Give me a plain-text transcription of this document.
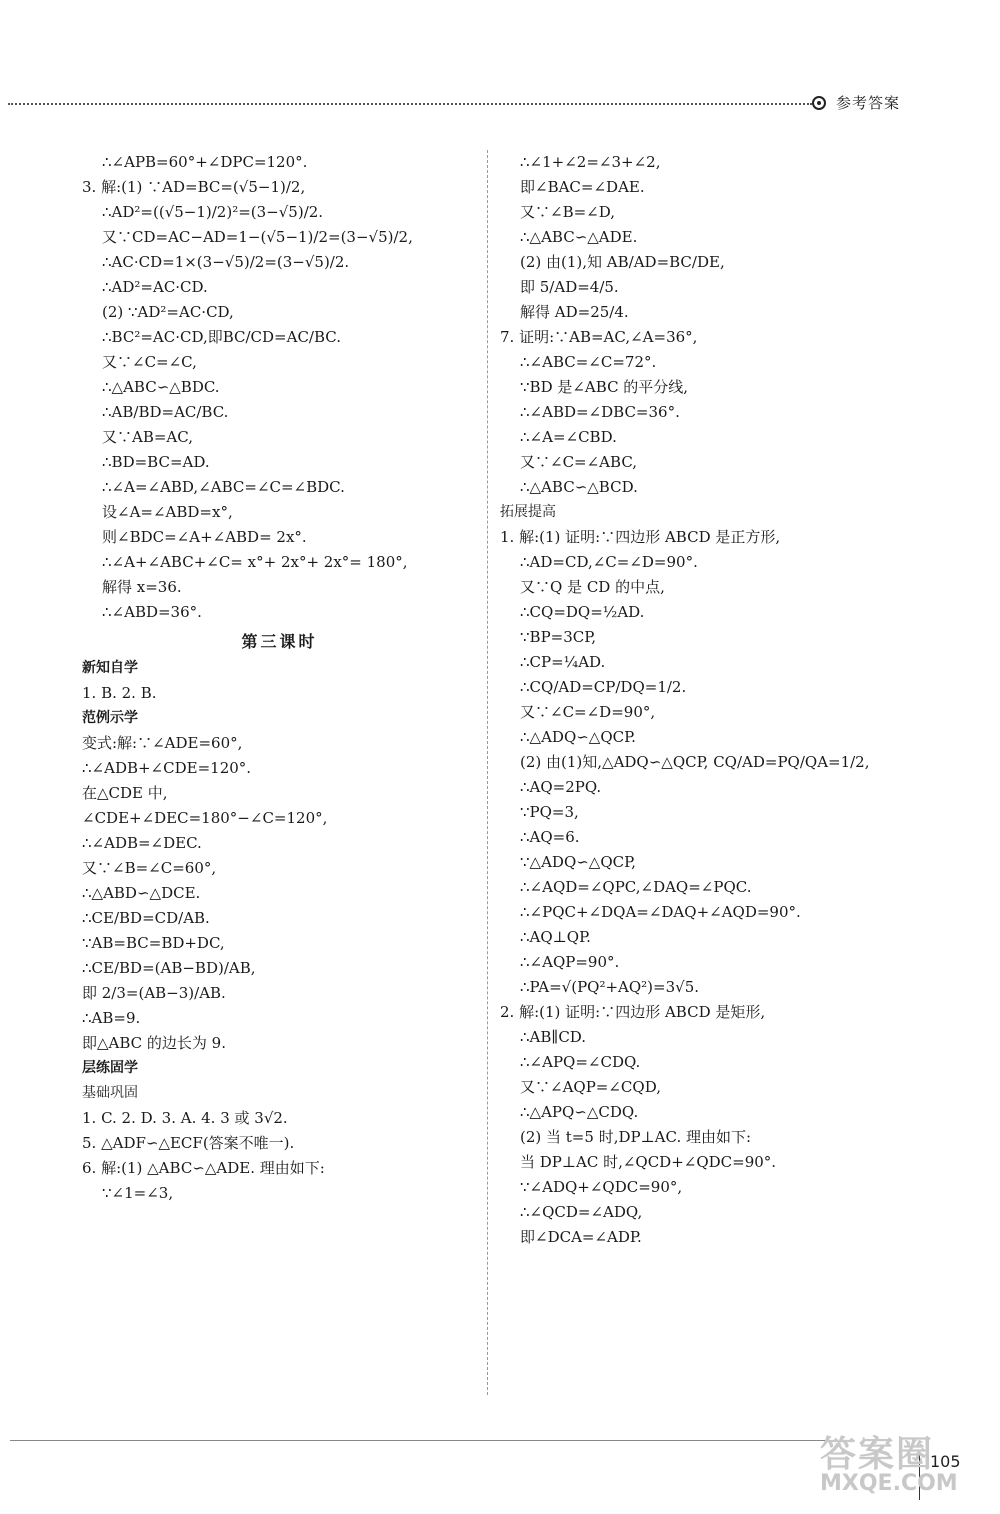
参考答案
∴∠APB=60°+∠DPC=120°.
3. 解:(1) ∵AD=BC=(√5−1)/2,
∴AD²=((√5−1)/2)²=(3−√5)/2.
又∵CD=AC−AD=1−(√5−1)/2=(3−√5)/2,
∴AC·CD=1×(3−√5)/2=(3−√5)/2.
∴AD²=AC·CD.
(2) ∵AD²=AC·CD,
∴BC²=AC·CD,即BC/CD=AC/BC.
又∵∠C=∠C,
∴△ABC∽△BDC.
∴AB/BD=AC/BC.
又∵AB=AC,
∴BD=BC=AD.
∴∠A=∠ABD,∠ABC=∠C=∠BDC.
设∠A=∠ABD=x°,
则∠BDC=∠A+∠ABD= 2x°.
∴∠A+∠ABC+∠C= x°+ 2x°+ 2x°= 180°,
解得 x=36.
∴∠ABD=36°.
第三课时
新知自学
1. B. 2. B.
范例示学
变式:解:∵∠ADE=60°,
∴∠ADB+∠CDE=120°.
在△CDE 中,
∠CDE+∠DEC=180°−∠C=120°,
∴∠ADB=∠DEC.
又∵∠B=∠C=60°,
∴△ABD∽△DCE.
∴CE/BD=CD/AB.
∵AB=BC=BD+DC,
∴CE/BD=(AB−BD)/AB,
即 2/3=(AB−3)/AB.
∴AB=9.
即△ABC 的边长为 9.
层练固学
基础巩固
1. C. 2. D. 3. A. 4. 3 或 3√2.
5. △ADF∽△ECF(答案不唯一).
6. 解:(1) △ABC∽△ADE. 理由如下:
∵∠1=∠3,
∴∠1+∠2=∠3+∠2,
即∠BAC=∠DAE.
又∵∠B=∠D,
∴△ABC∽△ADE.
(2) 由(1),知 AB/AD=BC/DE,
即 5/AD=4/5.
解得 AD=25/4.
7. 证明:∵AB=AC,∠A=36°,
∴∠ABC=∠C=72°.
∵BD 是∠ABC 的平分线,
∴∠ABD=∠DBC=36°.
∴∠A=∠CBD.
又∵∠C=∠ABC,
∴△ABC∽△BCD.
拓展提高
1. 解:(1) 证明:∵四边形 ABCD 是正方形,
∴AD=CD,∠C=∠D=90°.
又∵Q 是 CD 的中点,
∴CQ=DQ=½AD.
∵BP=3CP,
∴CP=¼AD.
∴CQ/AD=CP/DQ=1/2.
又∵∠C=∠D=90°,
∴△ADQ∽△QCP.
(2) 由(1)知,△ADQ∽△QCP, CQ/AD=PQ/QA=1/2,
∴AQ=2PQ.
∵PQ=3,
∴AQ=6.
∵△ADQ∽△QCP,
∴∠AQD=∠QPC,∠DAQ=∠PQC.
∴∠PQC+∠DQA=∠DAQ+∠AQD=90°.
∴AQ⊥QP.
∴∠AQP=90°.
∴PA=√(PQ²+AQ²)=3√5.
2. 解:(1) 证明:∵四边形 ABCD 是矩形,
∴AB∥CD.
∴∠APQ=∠CDQ.
又∵∠AQP=∠CQD,
∴△APQ∽△CDQ.
(2) 当 t=5 时,DP⊥AC. 理由如下:
当 DP⊥AC 时,∠QCD+∠QDC=90°.
∵∠ADQ+∠QDC=90°,
∴∠QCD=∠ADQ,
即∠DCA=∠ADP.
105
答案圈
MXQE.COM
